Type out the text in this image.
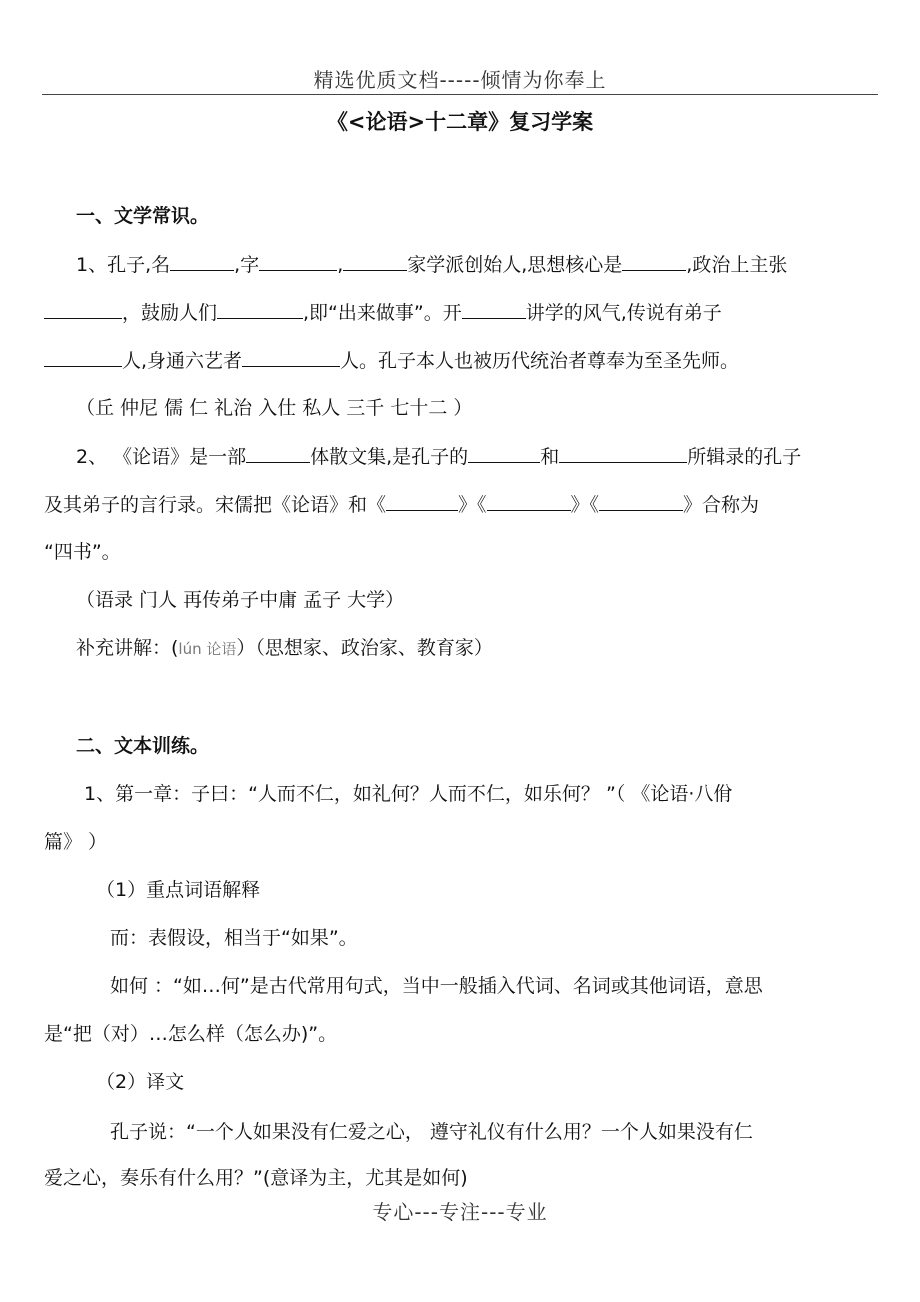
精选优质文档-----倾情为你奉上
《<论语>十二章》复习学案
一、文学常识。
1、孔子,名	,字	,	家学派创始人,思想核心是	,政治上主张
，鼓励人们	,即“出来做事”。开	讲学的风气,传说有弟子
人,身通六艺者	人。孔子本人也被历代统治者尊奉为至圣先师。
（丘 仲尼 儒 仁 礼治 入仕 私人 三千 七十二 ）
2、 《论语》是一部	体散文集,是孔子的	和	所辑录的孔子
及其弟子的言行录。宋儒把《论语》和《	》《	》《	》合称为
“四书”。
（语录 门人 再传弟子中庸 孟子 大学）
补充讲解：(lún 论语）（思想家、政治家、教育家）
二、文本训练。
1、第一章：子曰：“人而不仁，如礼何？人而不仁，如乐何？ ”（ 《论语·八佾
篇》 ）
（1）重点词语解释
而：表假设，相当于“如果”。
如何 ：“如…何”是古代常用句式，当中一般插入代词、名词或其他词语，意思
是“把（对）…怎么样（怎么办)”。
（2）译文
孔子说：“一个人如果没有仁爱之心， 遵守礼仪有什么用？一个人如果没有仁
爱之心，奏乐有什么用？”(意译为主，尤其是如何)
专心---专注---专业
